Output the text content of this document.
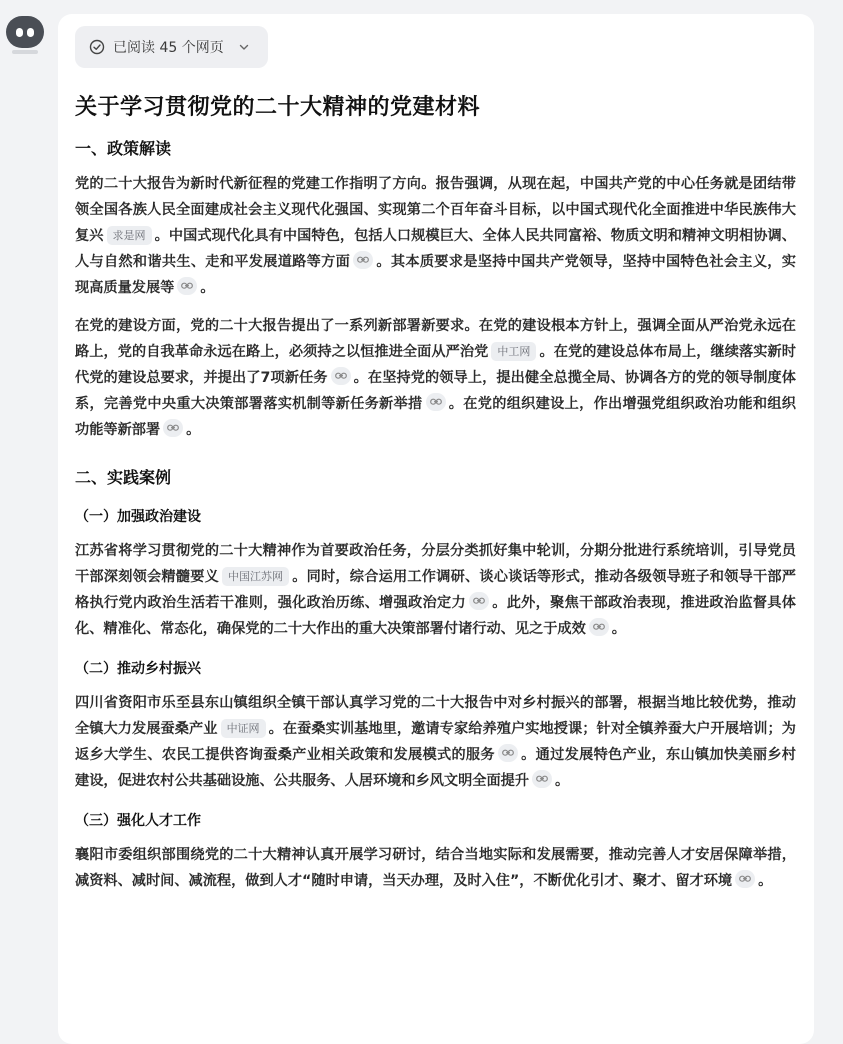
已阅读 45 个网页
关于学习贯彻党的二十大精神的党建材料
一、政策解读

党的二十大报告为新时代新征程的党建工作指明了方向。报告强调，从现在起，中国共产党的中心任务就是团结带领全国各族人民全面建成社会主义现代化强国、实现第二个百年奋斗目标，以中国式现代化全面推进中华民族伟大复兴 求是网 。中国式现代化具有中国特色，包括人口规模巨大、全体人民共同富裕、物质文明和精神文明相协调、人与自然和谐共生、走和平发展道路等方面 。其本质要求是坚持中国共产党领导，坚持中国特色社会主义，实现高质量发展等 。

在党的建设方面，党的二十大报告提出了一系列新部署新要求。在党的建设根本方针上，强调全面从严治党永远在路上，党的自我革命永远在路上，必须持之以恒推进全面从严治党 中工网 。在党的建设总体布局上，继续落实新时代党的建设总要求，并提出了7项新任务 。在坚持党的领导上，提出健全总揽全局、协调各方的党的领导制度体系，完善党中央重大决策部署落实机制等新任务新举措 。在党的组织建设上，作出增强党组织政治功能和组织功能等新部署 。

二、实践案例
（一）加强政治建设

江苏省将学习贯彻党的二十大精神作为首要政治任务，分层分类抓好集中轮训，分期分批进行系统培训，引导党员干部深刻领会精髓要义 中国江苏网 。同时，综合运用工作调研、谈心谈话等形式，推动各级领导班子和领导干部严格执行党内政治生活若干准则，强化政治历练、增强政治定力 。此外，聚焦干部政治表现，推进政治监督具体化、精准化、常态化，确保党的二十大作出的重大决策部署付诸行动、见之于成效 。

（二）推动乡村振兴

四川省资阳市乐至县东山镇组织全镇干部认真学习党的二十大报告中对乡村振兴的部署，根据当地比较优势，推动全镇大力发展蚕桑产业 中证网 。在蚕桑实训基地里，邀请专家给养殖户实地授课；针对全镇养蚕大户开展培训；为返乡大学生、农民工提供咨询蚕桑产业相关政策和发展模式的服务 。通过发展特色产业，东山镇加快美丽乡村建设，促进农村公共基础设施、公共服务、人居环境和乡风文明全面提升 。

（三）强化人才工作

襄阳市委组织部围绕党的二十大精神认真开展学习研讨，结合当地实际和发展需要，推动完善人才安居保障举措，减资料、减时间、减流程，做到人才“随时申请，当天办理，及时入住”，不断优化引才、聚才、留才环境 。
